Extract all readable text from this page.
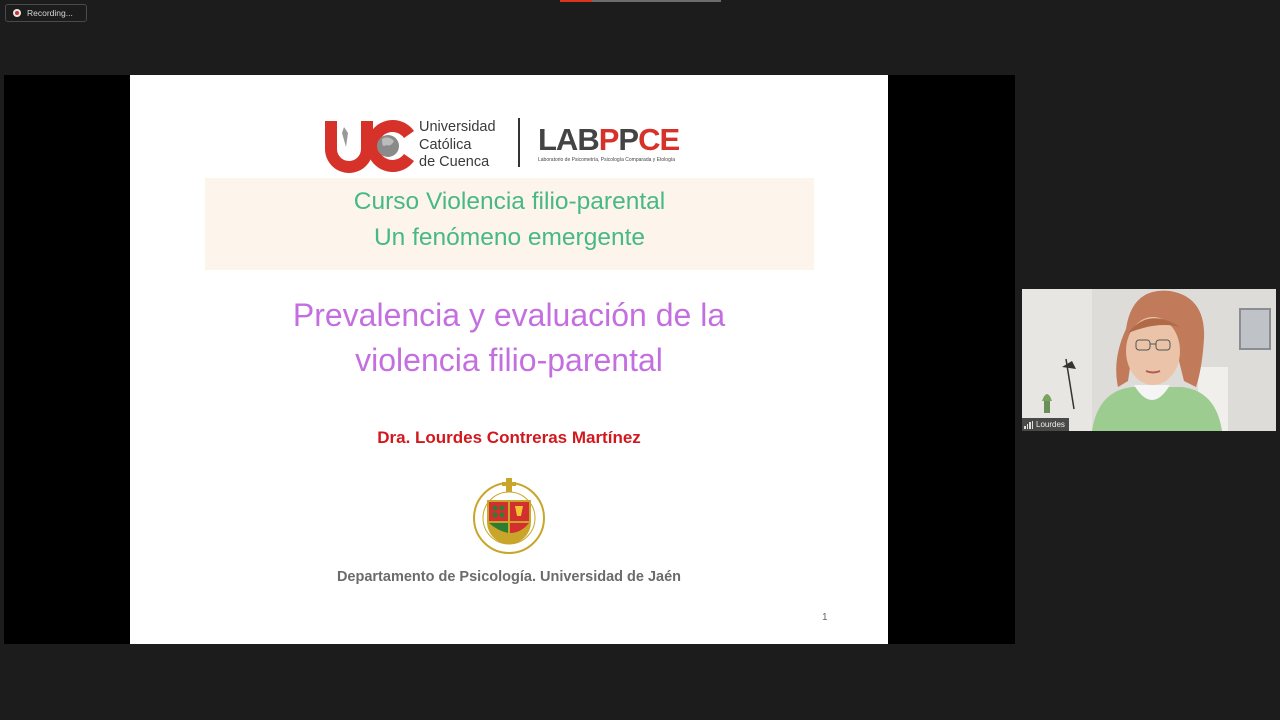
Recording...
Universidad
Católica
de Cuenca
LABPPCE
Laboratorio de Psicometría, Psicología Comparada y Etología
Curso Violencia filio-parental
Un fenómeno emergente
Prevalencia y evaluación de la
violencia filio-parental
Dra. Lourdes Contreras Martínez
Departamento de Psicología. Universidad de Jaén
1
Lourdes
